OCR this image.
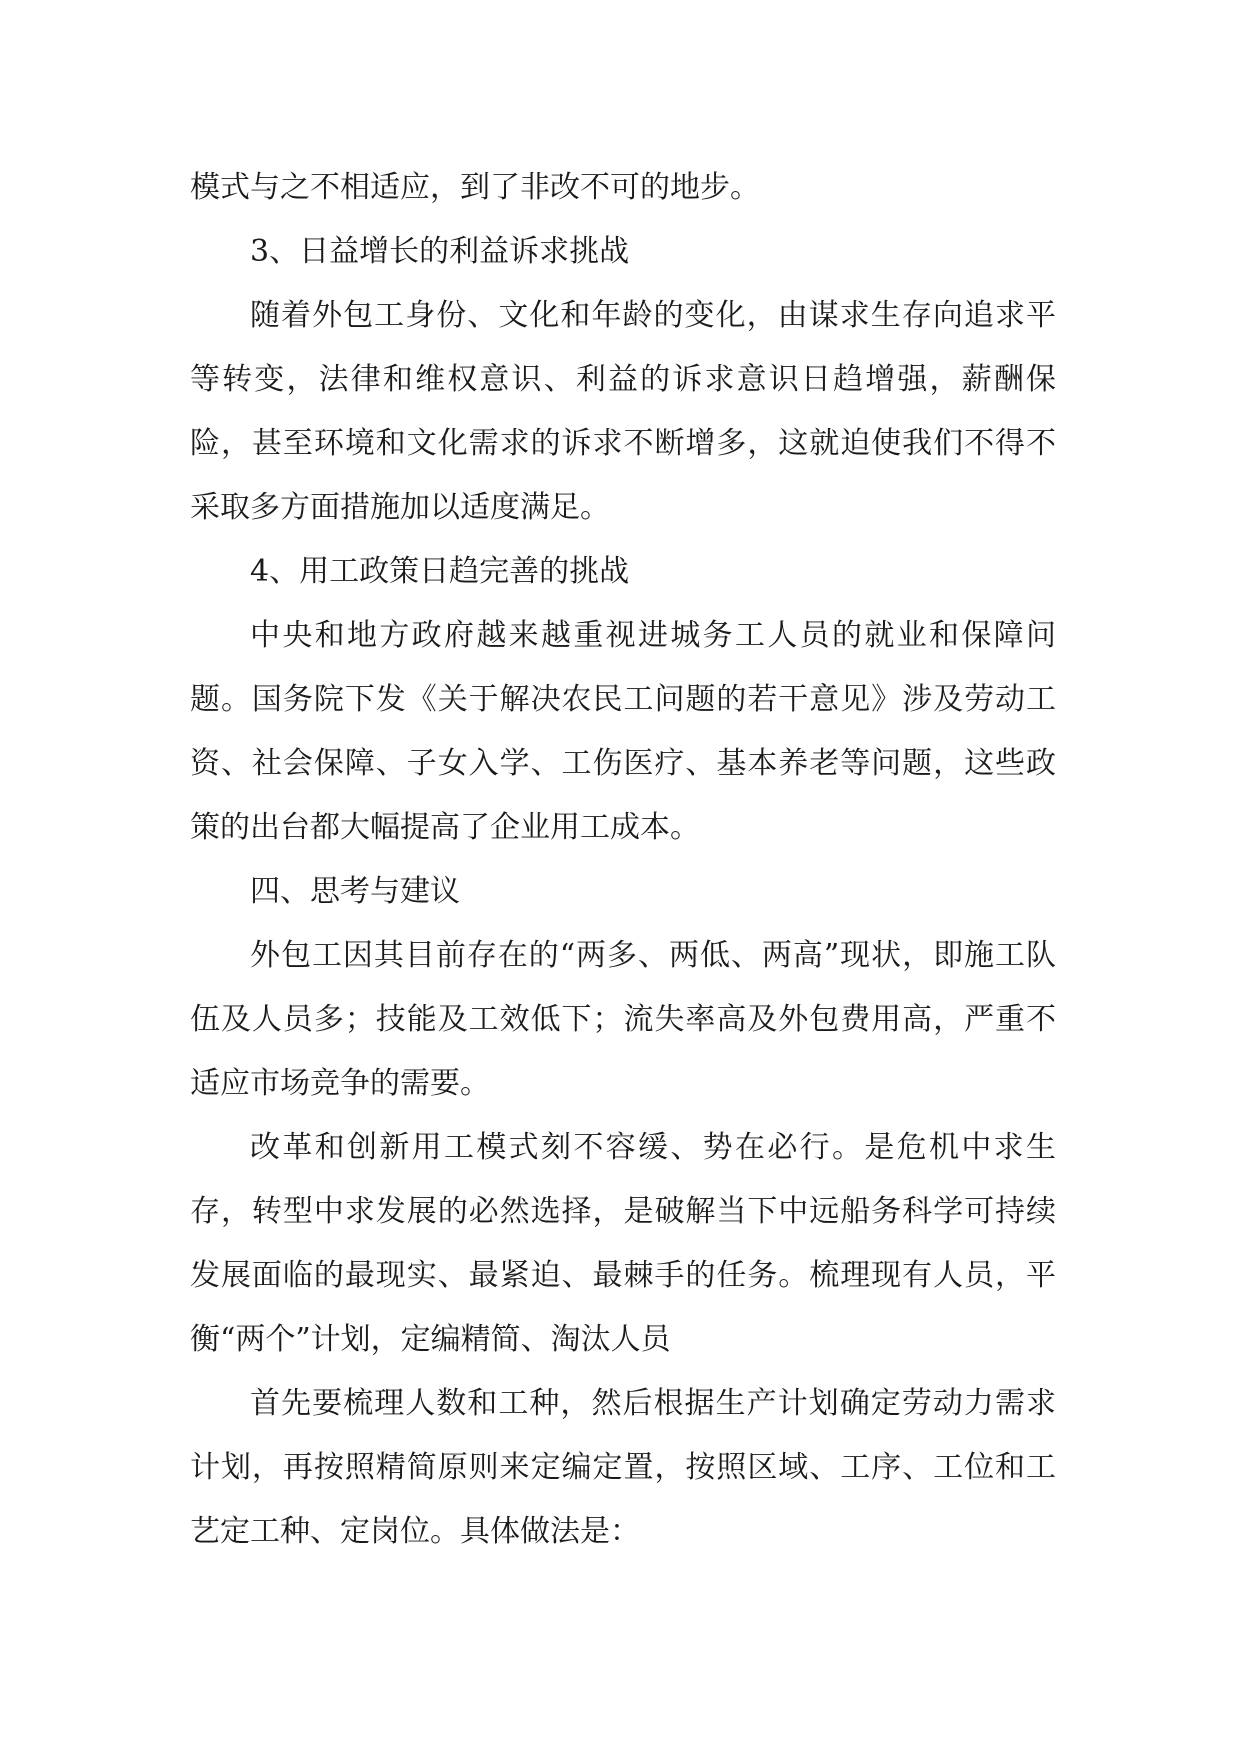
模式与之不相适应，到了非改不可的地步。

3、日益增长的利益诉求挑战

随着外包工身份、文化和年龄的变化，由谋求生存向追求平等转变，法律和维权意识、利益的诉求意识日趋增强，薪酬保险，甚至环境和文化需求的诉求不断增多，这就迫使我们不得不采取多方面措施加以适度满足。

4、用工政策日趋完善的挑战

中央和地方政府越来越重视进城务工人员的就业和保障问题。国务院下发《关于解决农民工问题的若干意见》涉及劳动工资、社会保障、子女入学、工伤医疗、基本养老等问题，这些政策的出台都大幅提高了企业用工成本。

四、思考与建议

外包工因其目前存在的“两多、两低、两高”现状，即施工队伍及人员多；技能及工效低下；流失率高及外包费用高，严重不适应市场竞争的需要。

改革和创新用工模式刻不容缓、势在必行。是危机中求生存，转型中求发展的必然选择，是破解当下中远船务科学可持续发展面临的最现实、最紧迫、最棘手的任务。梳理现有人员，平衡“两个”计划，定编精简、淘汰人员

首先要梳理人数和工种，然后根据生产计划确定劳动力需求计划，再按照精简原则来定编定置，按照区域、工序、工位和工艺定工种、定岗位。具体做法是：
